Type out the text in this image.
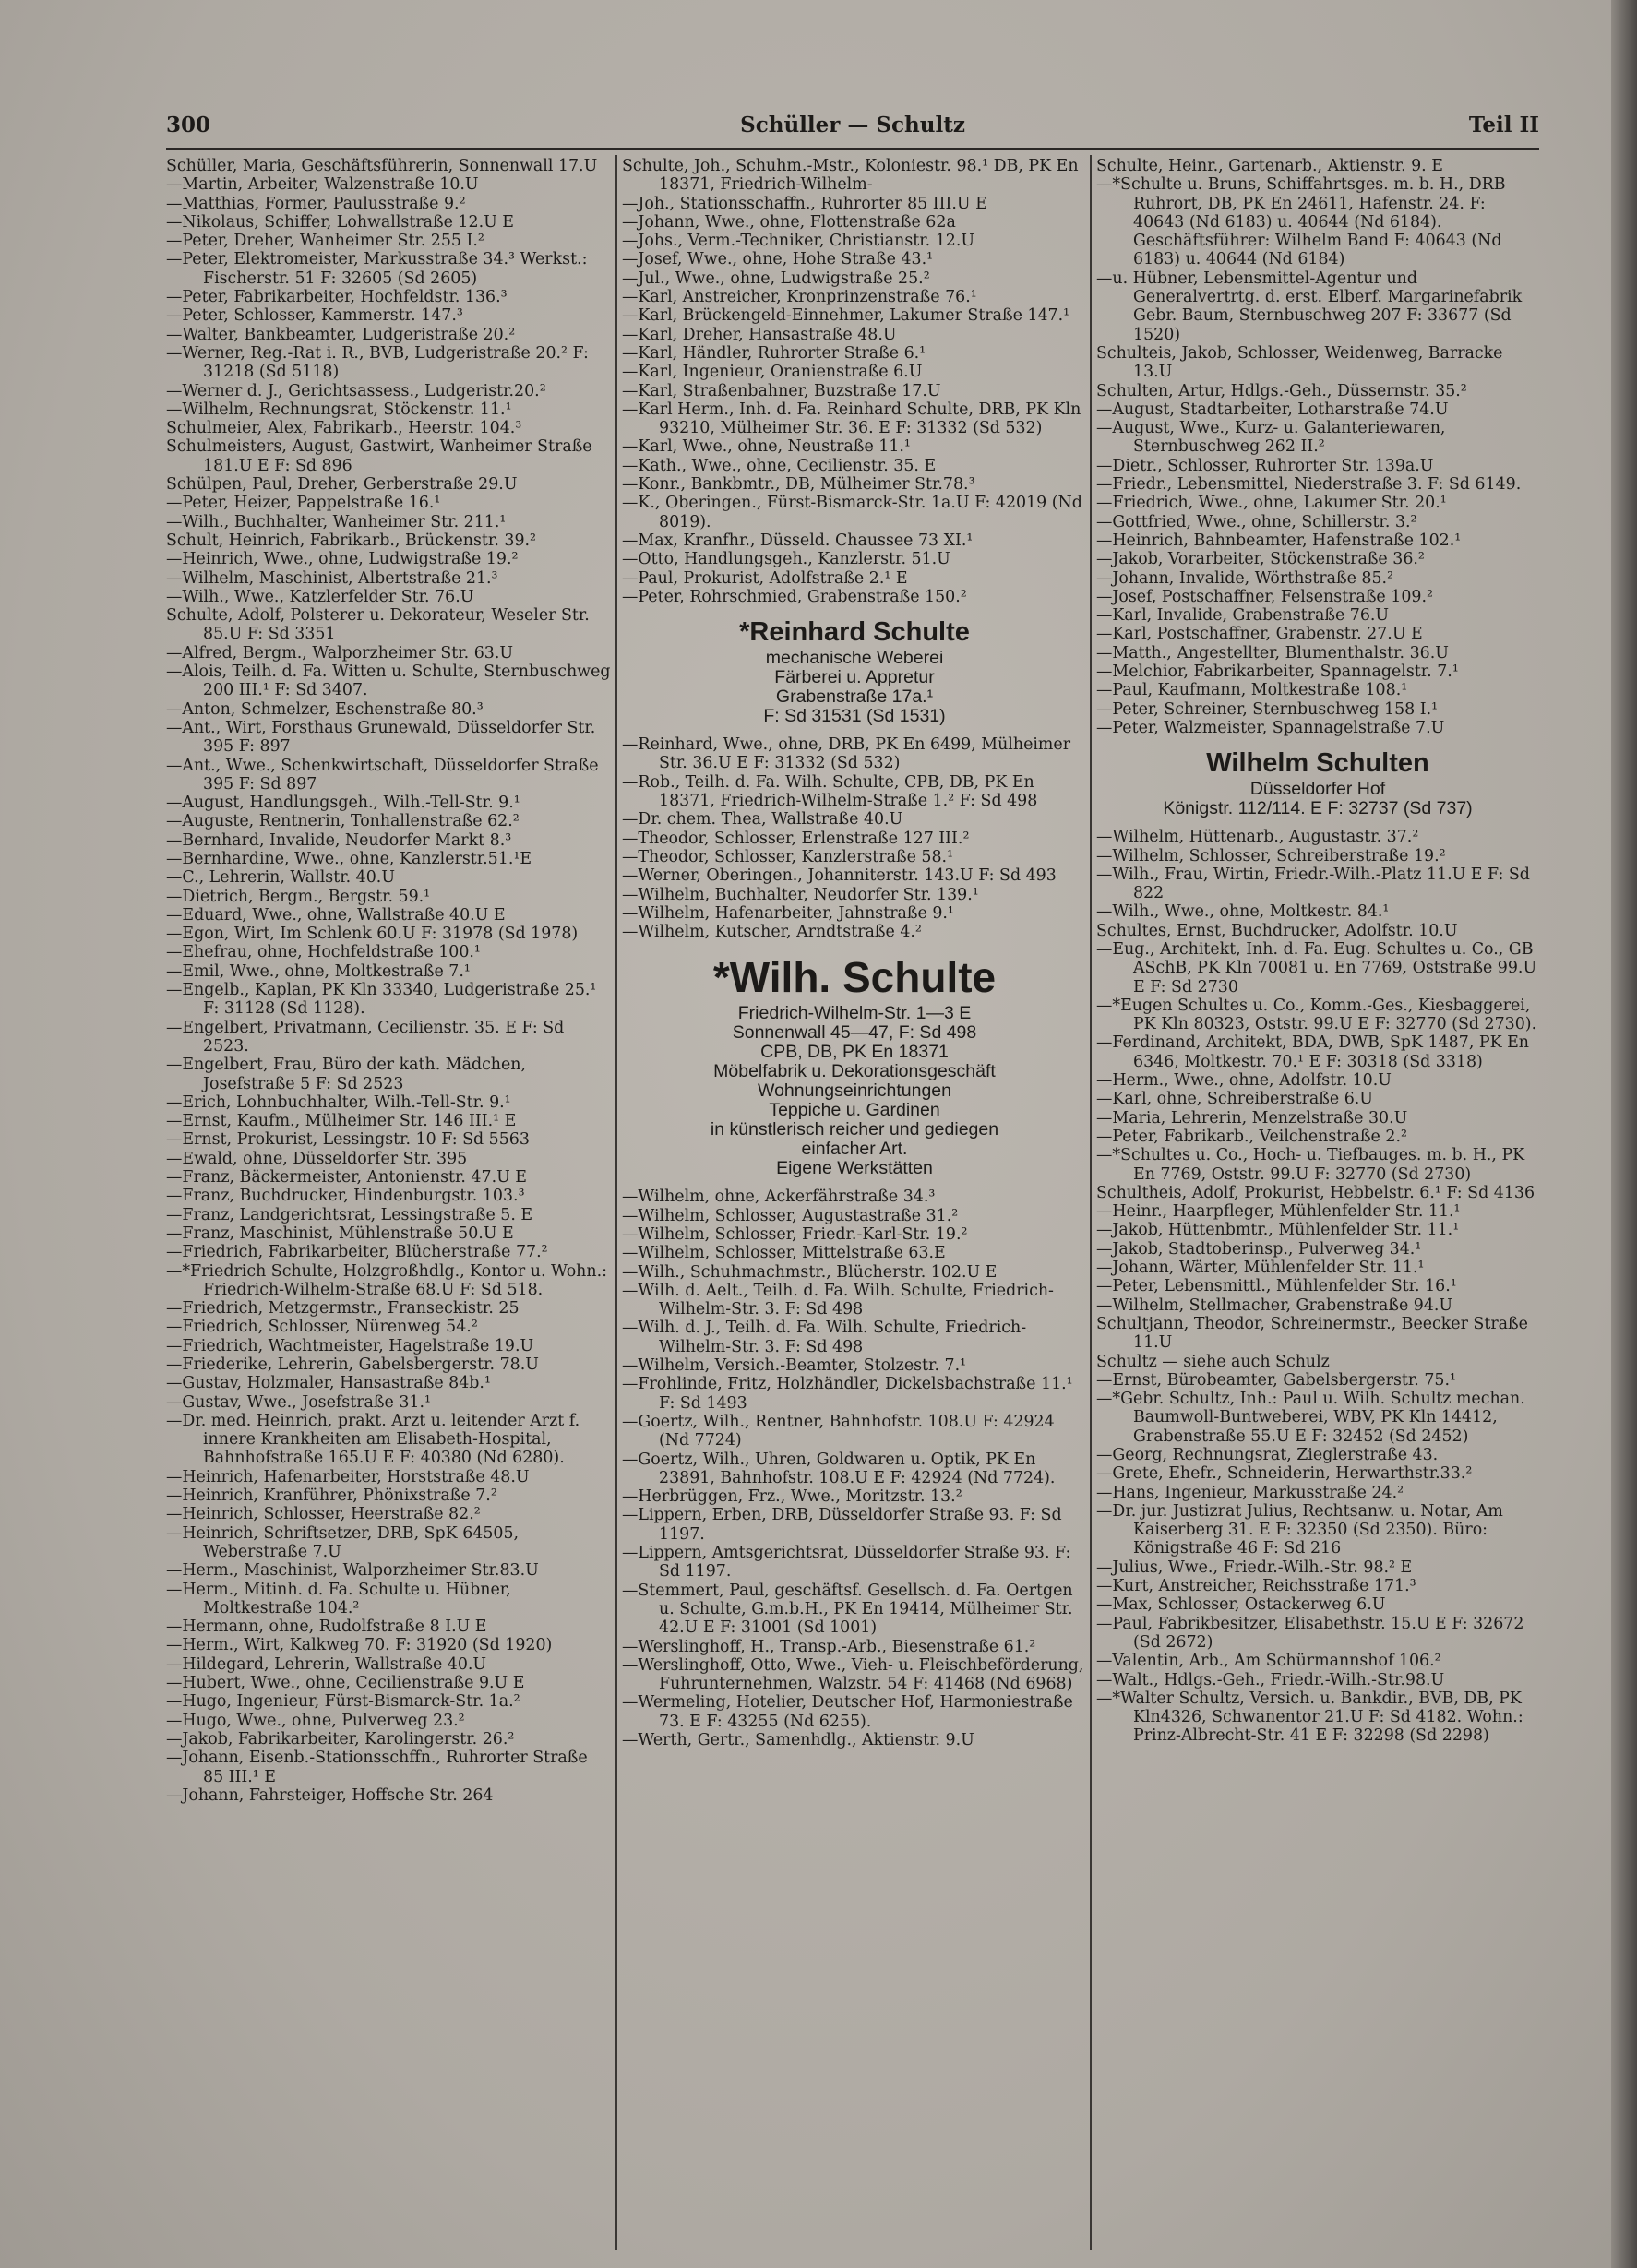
300	Schüller — Schultz	Teil II

Schüller, Maria, Geschäftsführerin, Sonnenwall 17.U

—Martin, Arbeiter, Walzenstraße 10.U

—Matthias, Former, Paulusstraße 9.²

—Nikolaus, Schiffer, Lohwallstraße 12.U E

—Peter, Dreher, Wanheimer Str. 255 I.²

—Peter, Elektromeister, Markusstraße 34.³ Werkst.: Fischerstr. 51 F: 32605 (Sd 2605)

—Peter, Fabrikarbeiter, Hochfeldstr. 136.³

—Peter, Schlosser, Kammerstr. 147.³

—Walter, Bankbeamter, Ludgeristraße 20.²

—Werner, Reg.-Rat i. R., BVB, Ludgeristraße 20.² F: 31218 (Sd 5118)

—Werner d. J., Gerichtsassess., Ludgeristr.20.²

—Wilhelm, Rechnungsrat, Stöckenstr. 11.¹

Schulmeier, Alex, Fabrikarb., Heerstr. 104.³

Schulmeisters, August, Gastwirt, Wanheimer Straße 181.U E F: Sd 896

Schülpen, Paul, Dreher, Gerberstraße 29.U

—Peter, Heizer, Pappelstraße 16.¹

—Wilh., Buchhalter, Wanheimer Str. 211.¹

Schult, Heinrich, Fabrikarb., Brückenstr. 39.²

—Heinrich, Wwe., ohne, Ludwigstraße 19.²

—Wilhelm, Maschinist, Albertstraße 21.³

—Wilh., Wwe., Katzlerfelder Str. 76.U

Schulte, Adolf, Polsterer u. Dekorateur, Weseler Str. 85.U F: Sd 3351

—Alfred, Bergm., Walporzheimer Str. 63.U

—Alois, Teilh. d. Fa. Witten u. Schulte, Sternbuschweg 200 III.¹ F: Sd 3407.

—Anton, Schmelzer, Eschenstraße 80.³

—Ant., Wirt, Forsthaus Grunewald, Düsseldorfer Str. 395 F: 897

—Ant., Wwe., Schenkwirtschaft, Düsseldorfer Straße 395 F: Sd 897

—August, Handlungsgeh., Wilh.-Tell-Str. 9.¹

—Auguste, Rentnerin, Tonhallenstraße 62.²

—Bernhard, Invalide, Neudorfer Markt 8.³

—Bernhardine, Wwe., ohne, Kanzlerstr.51.¹E

—C., Lehrerin, Wallstr. 40.U

—Dietrich, Bergm., Bergstr. 59.¹

—Eduard, Wwe., ohne, Wallstraße 40.U E

—Egon, Wirt, Im Schlenk 60.U F: 31978 (Sd 1978)

—Ehefrau, ohne, Hochfeldstraße 100.¹

—Emil, Wwe., ohne, Moltkestraße 7.¹

—Engelb., Kaplan, PK Kln 33340, Ludgeristraße 25.¹ F: 31128 (Sd 1128).

—Engelbert, Privatmann, Cecilienstr. 35. E F: Sd 2523.

—Engelbert, Frau, Büro der kath. Mädchen, Josefstraße 5 F: Sd 2523

—Erich, Lohnbuchhalter, Wilh.-Tell-Str. 9.¹

—Ernst, Kaufm., Mülheimer Str. 146 III.¹ E

—Ernst, Prokurist, Lessingstr. 10 F: Sd 5563

—Ewald, ohne, Düsseldorfer Str. 395

—Franz, Bäckermeister, Antonienstr. 47.U E

—Franz, Buchdrucker, Hindenburgstr. 103.³

—Franz, Landgerichtsrat, Lessingstraße 5. E

—Franz, Maschinist, Mühlenstraße 50.U E

—Friedrich, Fabrikarbeiter, Blücherstraße 77.²

—*Friedrich Schulte, Holzgroßhdlg., Kontor u. Wohn.: Friedrich-Wilhelm-Straße 68.U F: Sd 518.

—Friedrich, Metzgermstr., Franseckistr. 25

—Friedrich, Schlosser, Nürenweg 54.²

—Friedrich, Wachtmeister, Hagelstraße 19.U

—Friederike, Lehrerin, Gabelsbergerstr. 78.U

—Gustav, Holzmaler, Hansastraße 84b.¹

—Gustav, Wwe., Josefstraße 31.¹

—Dr. med. Heinrich, prakt. Arzt u. leitender Arzt f. innere Krankheiten am Elisabeth-Hospital, Bahnhofstraße 165.U E F: 40380 (Nd 6280).

—Heinrich, Hafenarbeiter, Horststraße 48.U

—Heinrich, Kranführer, Phönixstraße 7.²

—Heinrich, Schlosser, Heerstraße 82.²

—Heinrich, Schriftsetzer, DRB, SpK 64505, Weberstraße 7.U

—Herm., Maschinist, Walporzheimer Str.83.U

—Herm., Mitinh. d. Fa. Schulte u. Hübner, Moltkestraße 104.²

—Hermann, ohne, Rudolfstraße 8 I.U E

—Herm., Wirt, Kalkweg 70. F: 31920 (Sd 1920)

—Hildegard, Lehrerin, Wallstraße 40.U

—Hubert, Wwe., ohne, Cecilienstraße 9.U E

—Hugo, Ingenieur, Fürst-Bismarck-Str. 1a.²

—Hugo, Wwe., ohne, Pulverweg 23.²

—Jakob, Fabrikarbeiter, Karolingerstr. 26.²

—Johann, Eisenb.-Stationsschffn., Ruhrorter Straße 85 III.¹ E

—Johann, Fahrsteiger, Hoffsche Str. 264

Schulte, Joh., Schuhm.-Mstr., Koloniestr. 98.¹ DB, PK En 18371, Friedrich-Wilhelm-

—Joh., Stationsschaffn., Ruhrorter 85 III.U E

—Johann, Wwe., ohne, Flottenstraße 62a

—Johs., Verm.-Techniker, Christianstr. 12.U

—Josef, Wwe., ohne, Hohe Straße 43.¹

—Jul., Wwe., ohne, Ludwigstraße 25.²

—Karl, Anstreicher, Kronprinzenstraße 76.¹

—Karl, Brückengeld-Einnehmer, Lakumer Straße 147.¹

—Karl, Dreher, Hansastraße 48.U

—Karl, Händler, Ruhrorter Straße 6.¹

—Karl, Ingenieur, Oranienstraße 6.U

—Karl, Straßenbahner, Buzstraße 17.U

—Karl Herm., Inh. d. Fa. Reinhard Schulte, DRB, PK Kln 93210, Mülheimer Str. 36. E F: 31332 (Sd 532)

—Karl, Wwe., ohne, Neustraße 11.¹

—Kath., Wwe., ohne, Cecilienstr. 35. E

—Konr., Bankbmtr., DB, Mülheimer Str.78.³

—K., Oberingen., Fürst-Bismarck-Str. 1a.U F: 42019 (Nd 8019).

—Max, Kranfhr., Düsseld. Chaussee 73 XI.¹

—Otto, Handlungsgeh., Kanzlerstr. 51.U

—Paul, Prokurist, Adolfstraße 2.¹ E

—Peter, Rohrschmied, Grabenstraße 150.²

*Reinhard Schulte
mechanische Weberei
Färberei u. Appretur
Grabenstraße 17a.¹
F: Sd 31531 (Sd 1531)

—Reinhard, Wwe., ohne, DRB, PK En 6499, Mülheimer Str. 36.U E F: 31332 (Sd 532)

—Rob., Teilh. d. Fa. Wilh. Schulte, CPB, DB, PK En 18371, Friedrich-Wilhelm-Straße 1.² F: Sd 498

—Dr. chem. Thea, Wallstraße 40.U

—Theodor, Schlosser, Erlenstraße 127 III.²

—Theodor, Schlosser, Kanzlerstraße 58.¹

—Werner, Oberingen., Johanniterstr. 143.U F: Sd 493

—Wilhelm, Buchhalter, Neudorfer Str. 139.¹

—Wilhelm, Hafenarbeiter, Jahnstraße 9.¹

—Wilhelm, Kutscher, Arndtstraße 4.²

*Wilh. Schulte
Friedrich-Wilhelm-Str. 1—3 E
Sonnenwall 45—47, F: Sd 498
CPB, DB, PK En 18371
Möbelfabrik u. Dekorationsgeschäft
Wohnungseinrichtungen
Teppiche u. Gardinen
in künstlerisch reicher und gediegen
einfacher Art.
Eigene Werkstätten

—Wilhelm, ohne, Ackerfährstraße 34.³

—Wilhelm, Schlosser, Augustastraße 31.²

—Wilhelm, Schlosser, Friedr.-Karl-Str. 19.²

—Wilhelm, Schlosser, Mittelstraße 63.E

—Wilh., Schuhmachmstr., Blücherstr. 102.U E

—Wilh. d. Aelt., Teilh. d. Fa. Wilh. Schulte, Friedrich-Wilhelm-Str. 3. F: Sd 498

—Wilh. d. J., Teilh. d. Fa. Wilh. Schulte, Friedrich-Wilhelm-Str. 3. F: Sd 498

—Wilhelm, Versich.-Beamter, Stolzestr. 7.¹

—Frohlinde, Fritz, Holzhändler, Dickelsbachstraße 11.¹ F: Sd 1493

—Goertz, Wilh., Rentner, Bahnhofstr. 108.U F: 42924 (Nd 7724)

—Goertz, Wilh., Uhren, Goldwaren u. Optik, PK En 23891, Bahnhofstr. 108.U E F: 42924 (Nd 7724).

—Herbrüggen, Frz., Wwe., Moritzstr. 13.²

—Lippern, Erben, DRB, Düsseldorfer Straße 93. F: Sd 1197.

—Lippern, Amtsgerichtsrat, Düsseldorfer Straße 93. F: Sd 1197.

—Stemmert, Paul, geschäftsf. Gesellsch. d. Fa. Oertgen u. Schulte, G.m.b.H., PK En 19414, Mülheimer Str. 42.U E F: 31001 (Sd 1001)

—Werslinghoff, H., Transp.-Arb., Biesenstraße 61.²

—Werslinghoff, Otto, Wwe., Vieh- u. Fleischbeförderung, Fuhrunternehmen, Walzstr. 54 F: 41468 (Nd 6968)

—Wermeling, Hotelier, Deutscher Hof, Harmoniestraße 73. E F: 43255 (Nd 6255).

—Werth, Gertr., Samenhdlg., Aktienstr. 9.U

Schulte, Heinr., Gartenarb., Aktienstr. 9. E

—*Schulte u. Bruns, Schiffahrtsges. m. b. H., DRB Ruhrort, DB, PK En 24611, Hafenstr. 24. F: 40643 (Nd 6183) u. 40644 (Nd 6184). Geschäftsführer: Wilhelm Band F: 40643 (Nd 6183) u. 40644 (Nd 6184)

—u. Hübner, Lebensmittel-Agentur und Generalvertrtg. d. erst. Elberf. Margarinefabrik Gebr. Baum, Sternbuschweg 207 F: 33677 (Sd 1520)

Schulteis, Jakob, Schlosser, Weidenweg, Barracke 13.U

Schulten, Artur, Hdlgs.-Geh., Düssernstr. 35.²

—August, Stadtarbeiter, Lotharstraße 74.U

—August, Wwe., Kurz- u. Galanteriewaren, Sternbuschweg 262 II.²

—Dietr., Schlosser, Ruhrorter Str. 139a.U

—Friedr., Lebensmittel, Niederstraße 3. F: Sd 6149.

—Friedrich, Wwe., ohne, Lakumer Str. 20.¹

—Gottfried, Wwe., ohne, Schillerstr. 3.²

—Heinrich, Bahnbeamter, Hafenstraße 102.¹

—Jakob, Vorarbeiter, Stöckenstraße 36.²

—Johann, Invalide, Wörthstraße 85.²

—Josef, Postschaffner, Felsenstraße 109.²

—Karl, Invalide, Grabenstraße 76.U

—Karl, Postschaffner, Grabenstr. 27.U E

—Matth., Angestellter, Blumenthalstr. 36.U

—Melchior, Fabrikarbeiter, Spannagelstr. 7.¹

—Paul, Kaufmann, Moltkestraße 108.¹

—Peter, Schreiner, Sternbuschweg 158 I.¹

—Peter, Walzmeister, Spannagelstraße 7.U

Wilhelm Schulten
Düsseldorfer Hof
Königstr. 112/114. E F: 32737 (Sd 737)

—Wilhelm, Hüttenarb., Augustastr. 37.²

—Wilhelm, Schlosser, Schreiberstraße 19.²

—Wilh., Frau, Wirtin, Friedr.-Wilh.-Platz 11.U E F: Sd 822

—Wilh., Wwe., ohne, Moltkestr. 84.¹

Schultes, Ernst, Buchdrucker, Adolfstr. 10.U

—Eug., Architekt, Inh. d. Fa. Eug. Schultes u. Co., GB ASchB, PK Kln 70081 u. En 7769, Oststraße 99.U E F: Sd 2730

—*Eugen Schultes u. Co., Komm.-Ges., Kiesbaggerei, PK Kln 80323, Oststr. 99.U E F: 32770 (Sd 2730).

—Ferdinand, Architekt, BDA, DWB, SpK 1487, PK En 6346, Moltkestr. 70.¹ E F: 30318 (Sd 3318)

—Herm., Wwe., ohne, Adolfstr. 10.U

—Karl, ohne, Schreiberstraße 6.U

—Maria, Lehrerin, Menzelstraße 30.U

—Peter, Fabrikarb., Veilchenstraße 2.²

—*Schultes u. Co., Hoch- u. Tiefbauges. m. b. H., PK En 7769, Oststr. 99.U F: 32770 (Sd 2730)

Schultheis, Adolf, Prokurist, Hebbelstr. 6.¹ F: Sd 4136

—Heinr., Haarpfleger, Mühlenfelder Str. 11.¹

—Jakob, Hüttenbmtr., Mühlenfelder Str. 11.¹

—Jakob, Stadtoberinsp., Pulverweg 34.¹

—Johann, Wärter, Mühlenfelder Str. 11.¹

—Peter, Lebensmittl., Mühlenfelder Str. 16.¹

—Wilhelm, Stellmacher, Grabenstraße 94.U

Schultjann, Theodor, Schreinermstr., Beecker Straße 11.U

Schultz — siehe auch Schulz

—Ernst, Bürobeamter, Gabelsbergerstr. 75.¹

—*Gebr. Schultz, Inh.: Paul u. Wilh. Schultz mechan. Baumwoll-Buntweberei, WBV, PK Kln 14412, Grabenstraße 55.U E F: 32452 (Sd 2452)

—Georg, Rechnungsrat, Zieglerstraße 43.

—Grete, Ehefr., Schneiderin, Herwarthstr.33.²

—Hans, Ingenieur, Markusstraße 24.²

—Dr. jur. Justizrat Julius, Rechtsanw. u. Notar, Am Kaiserberg 31. E F: 32350 (Sd 2350). Büro: Königstraße 46 F: Sd 216

—Julius, Wwe., Friedr.-Wilh.-Str. 98.² E

—Kurt, Anstreicher, Reichsstraße 171.³

—Max, Schlosser, Ostackerweg 6.U

—Paul, Fabrikbesitzer, Elisabethstr. 15.U E F: 32672 (Sd 2672)

—Valentin, Arb., Am Schürmannshof 106.²

—Walt., Hdlgs.-Geh., Friedr.-Wilh.-Str.98.U

—*Walter Schultz, Versich. u. Bankdir., BVB, DB, PK Kln4326, Schwanentor 21.U F: Sd 4182. Wohn.: Prinz-Albrecht-Str. 41 E F: 32298 (Sd 2298)
